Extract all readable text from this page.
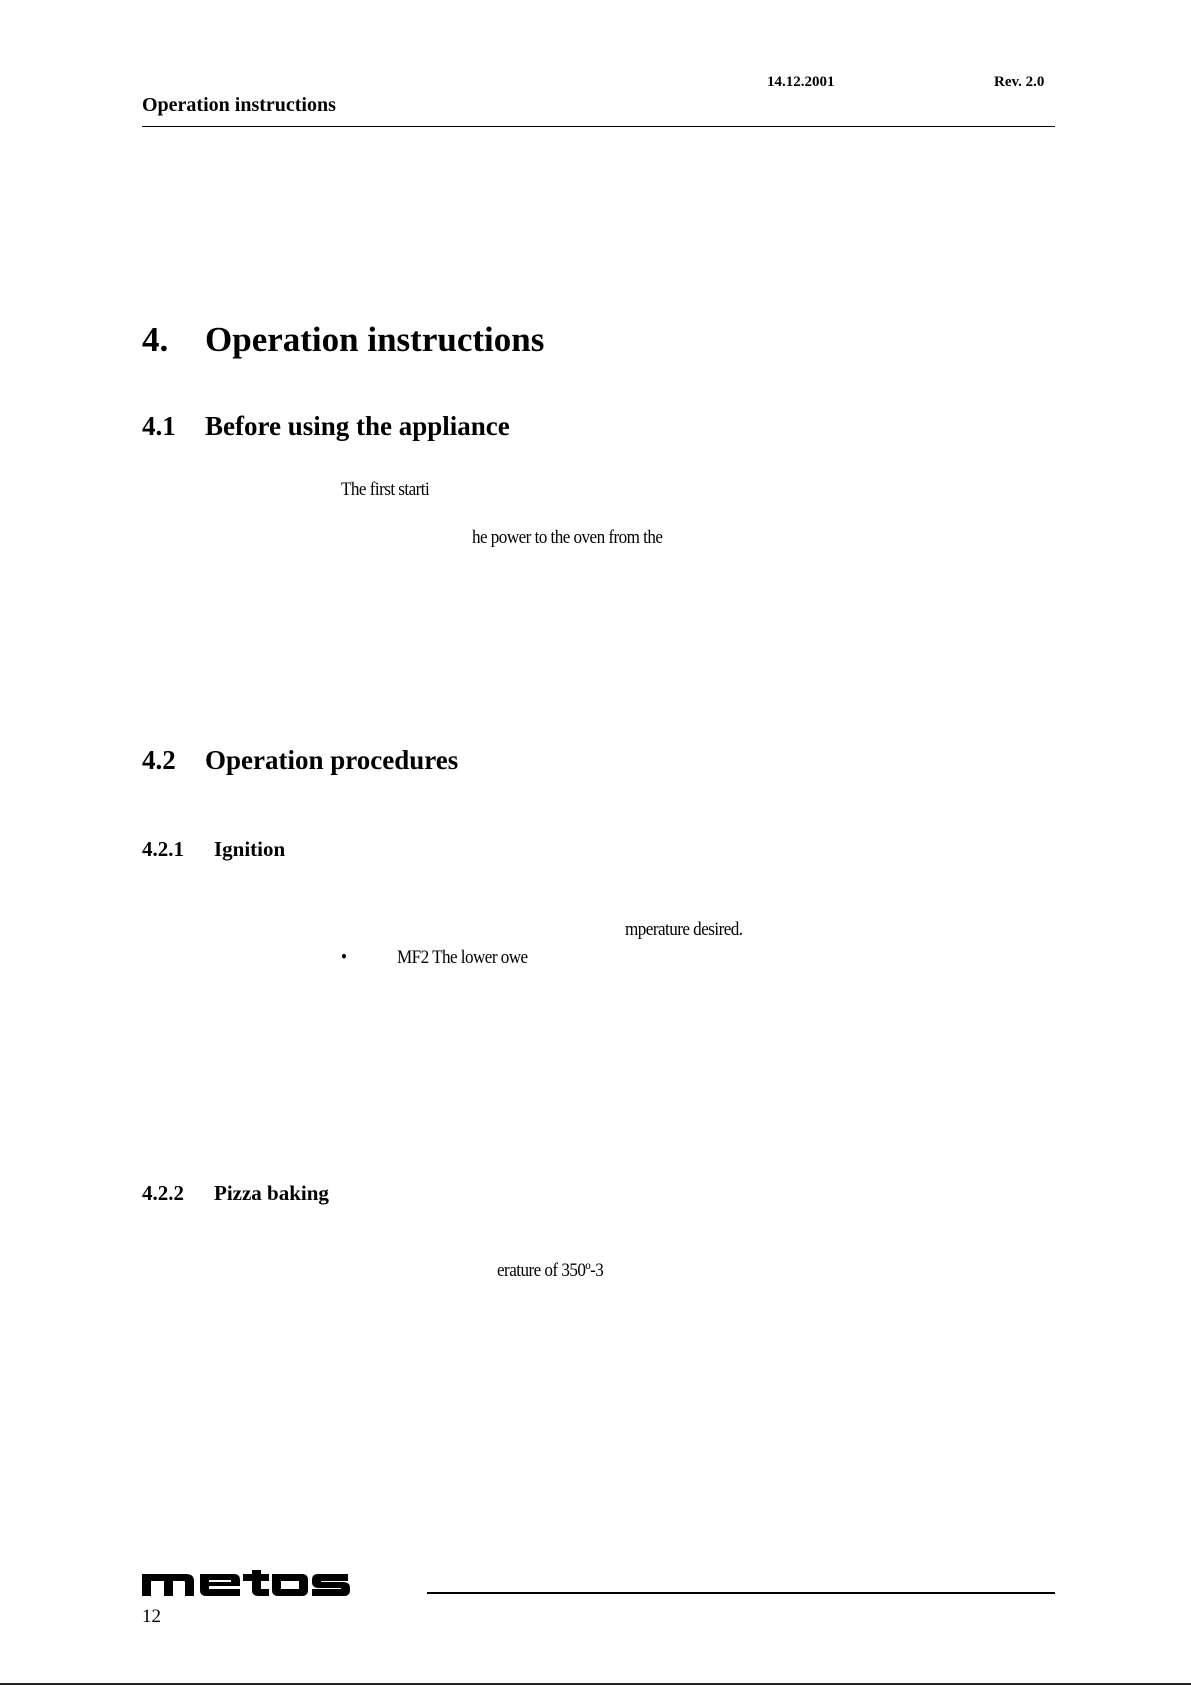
14.12.2001	Rev. 2.0
Operation instructions
4. Operation instructions
4.1 Before using the appliance
The first starti
he power to the oven from the
4.2 Operation procedures
4.2.1 Ignition
mperature desired.
•	MF2 The lower owe
4.2.2 Pizza baking
erature of 350º-3
12
